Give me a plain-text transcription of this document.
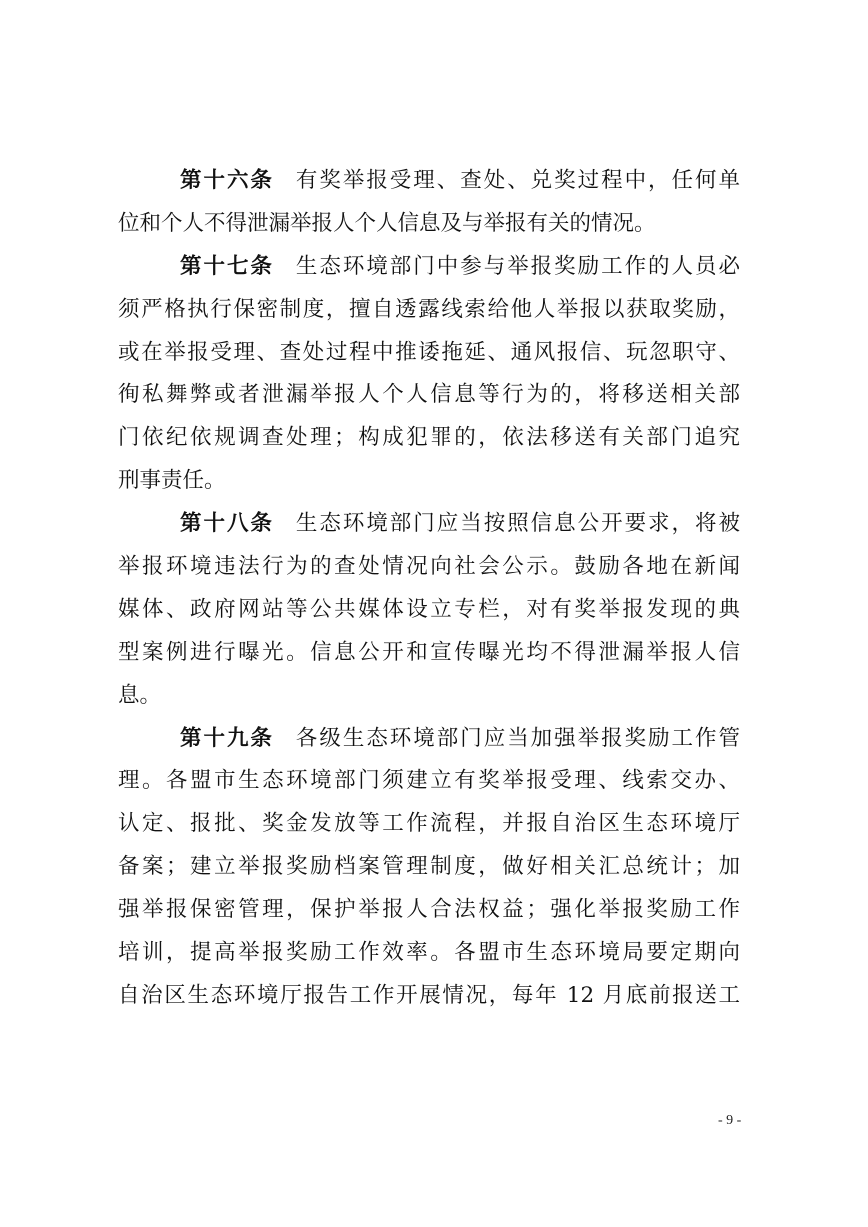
第十六条 有奖举报受理、查处、兑奖过程中，任何单
位和个人不得泄漏举报人个人信息及与举报有关的情况。
第十七条 生态环境部门中参与举报奖励工作的人员必
须严格执行保密制度，擅自透露线索给他人举报以获取奖励，
或在举报受理、查处过程中推诿拖延、通风报信、玩忽职守、
徇私舞弊或者泄漏举报人个人信息等行为的，将移送相关部
门依纪依规调查处理；构成犯罪的，依法移送有关部门追究
刑事责任。
第十八条 生态环境部门应当按照信息公开要求，将被
举报环境违法行为的查处情况向社会公示。鼓励各地在新闻
媒体、政府网站等公共媒体设立专栏，对有奖举报发现的典
型案例进行曝光。信息公开和宣传曝光均不得泄漏举报人信
息。
第十九条 各级生态环境部门应当加强举报奖励工作管
理。各盟市生态环境部门须建立有奖举报受理、线索交办、
认定、报批、奖金发放等工作流程，并报自治区生态环境厅
备案；建立举报奖励档案管理制度，做好相关汇总统计；加
强举报保密管理，保护举报人合法权益；强化举报奖励工作
培训，提高举报奖励工作效率。各盟市生态环境局要定期向
自治区生态环境厅报告工作开展情况，每年 12 月底前报送工
- 9 -
